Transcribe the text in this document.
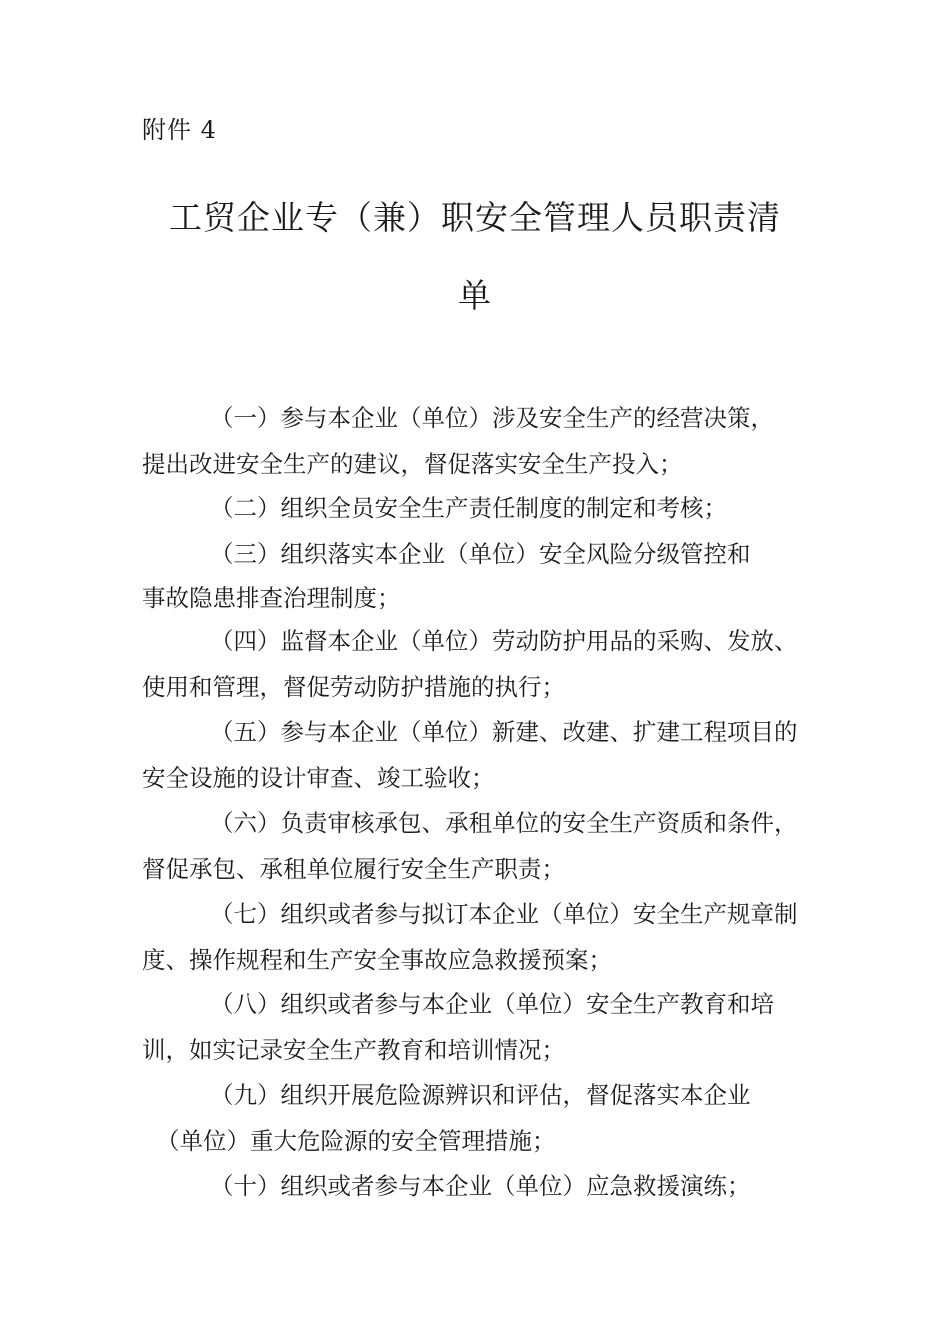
附件 4
工贸企业专（兼）职安全管理人员职责清
单
（一）参与本企业（单位）涉及安全生产的经营决策，
提出改进安全生产的建议，督促落实安全生产投入；
（二）组织全员安全生产责任制度的制定和考核；
（三）组织落实本企业（单位）安全风险分级管控和
事故隐患排查治理制度；
（四）监督本企业（单位）劳动防护用品的采购、发放、
使用和管理，督促劳动防护措施的执行；
（五）参与本企业（单位）新建、改建、扩建工程项目的
安全设施的设计审查、竣工验收；
（六）负责审核承包、承租单位的安全生产资质和条件，
督促承包、承租单位履行安全生产职责；
（七）组织或者参与拟订本企业（单位）安全生产规章制
度、操作规程和生产安全事故应急救援预案；
（八）组织或者参与本企业（单位）安全生产教育和培
训，如实记录安全生产教育和培训情况；
（九）组织开展危险源辨识和评估，督促落实本企业
（单位）重大危险源的安全管理措施；
（十）组织或者参与本企业（单位）应急救援演练；
